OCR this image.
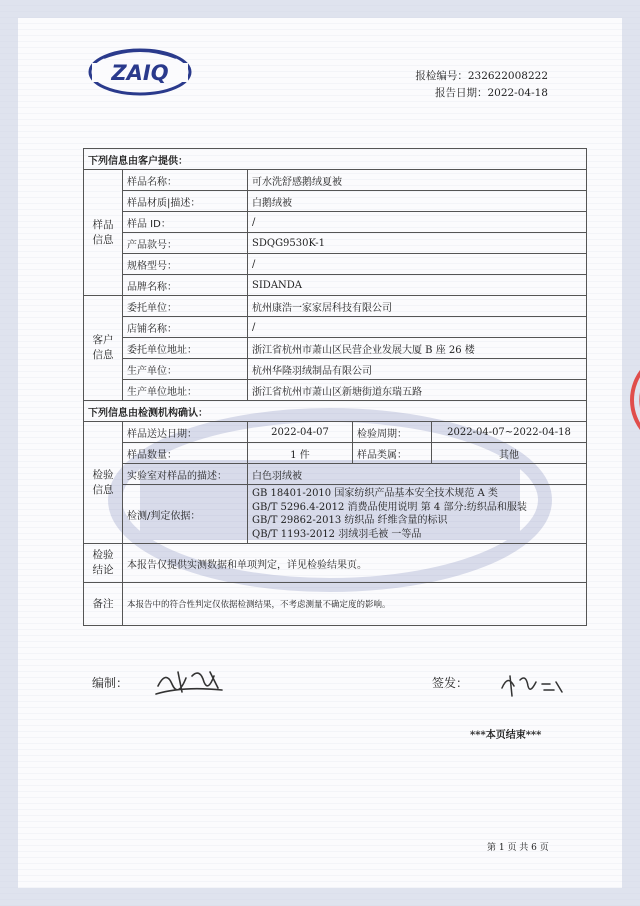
ZAIQ	报检编号：232622008222
报告日期：2022-04-18
下列信息由客户提供：
样品
信息	样品名称：	可水洗舒感鹅绒夏被
样品材质|描述：	白鹅绒被
样品 ID：	/
产品款号：	SDQG9530K-1
规格型号：	/
品牌名称：	SIDANDA
客户
信息	委托单位：	杭州康浩一家家居科技有限公司
店铺名称：	/
委托单位地址：	浙江省杭州市萧山区民营企业发展大厦 B 座 26 楼
生产单位：	杭州华隆羽绒制品有限公司
生产单位地址：	浙江省杭州市萧山区新塘街道东瑞五路
下列信息由检测机构确认：
检验
信息	样品送达日期：		2022-04-07	检验周期：	2022-04-07~2022-04-18

样品数量：		1 件	样品类属：	其他

实验室对样品的描述：	白色羽绒被
检测/判定依据：	
GB 18401-2010 国家纺织产品基本安全技术规范 A 类
GB/T 5296.4-2012 消费品使用说明 第 4 部分:纺织品和服装
GB/T 29862-2013 纺织品 纤维含量的标识
QB/T 1193-2012 羽绒羽毛被 一等品

检验
结论	本报告仅提供实测数据和单项判定，详见检验结果页。
备注	本报告中的符合性判定仅依据检测结果，不考虑测量不确定度的影响。
编制：	签发：
***本页结束***
第 1 页 共 6 页
